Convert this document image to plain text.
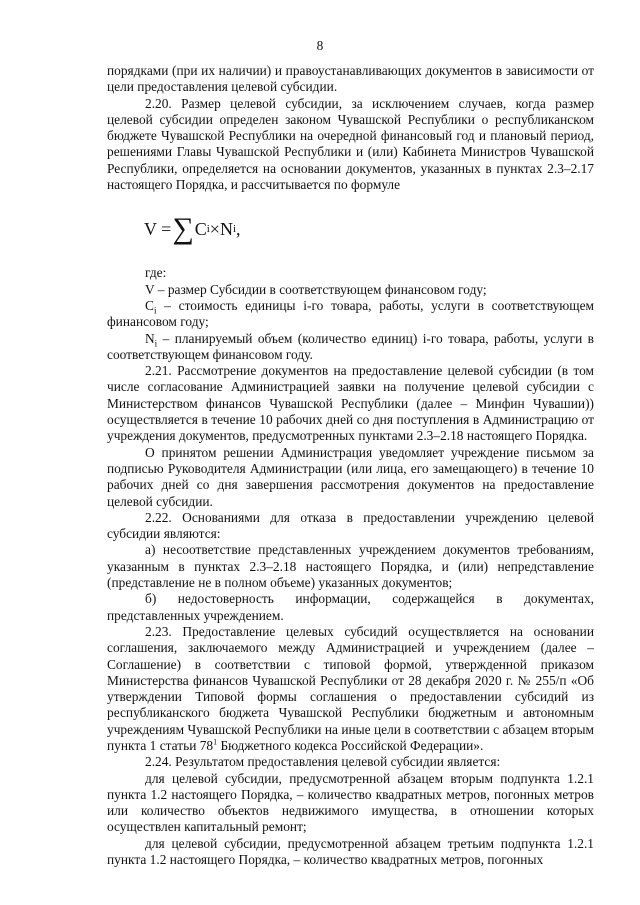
8

порядками (при их наличии) и правоустанавливающих документов в зависимости от цели предоставления целевой субсидии.

2.20. Размер целевой субсидии, за исключением случаев, когда размер целевой субсидии определен законом Чувашской Республики о республиканском бюджете Чувашской Республики на очередной финансовый год и плановый период, решениями Главы Чувашской Республики и (или) Кабинета Министров Чувашской Республики, определяется на основании документов, указанных в пунктах 2.3–2.17 настоящего Порядка, и рассчитывается по формуле

V = ∑ C i × N i ,

где:

V – размер Субсидии в соответствующем финансовом году;

$C_i$ – стоимость единицы i-го товара, работы, услуги в соответствующем финансовом году;

$N_i$ – планируемый объем (количество единиц) i-го товара, работы, услуги в соответствующем финансовом году.

2.21. Рассмотрение документов на предоставление целевой субсидии (в том числе согласование Администрацией заявки на получение целевой субсидии с Министерством финансов Чувашской Республики (далее – Минфин Чувашии)) осуществляется в течение 10 рабочих дней со дня поступления в Администрацию от учреждения документов, предусмотренных пунктами 2.3–2.18 настоящего Порядка.

О принятом решении Администрация уведомляет учреждение письмом за подписью Руководителя Администрации (или лица, его замещающего) в течение 10 рабочих дней со дня завершения рассмотрения документов на предоставление целевой субсидии.

2.22. Основаниями для отказа в предоставлении учреждению целевой субсидии являются:

а) несоответствие представленных учреждением документов требованиям, указанным в пунктах 2.3–2.18 настоящего Порядка, и (или) непредставление (представление не в полном объеме) указанных документов;

б) недостоверность информации, содержащейся в документах, представленных учреждением.

2.23. Предоставление целевых субсидий осуществляется на основании соглашения, заключаемого между Администрацией и учреждением (далее – Соглашение) в соответствии с типовой формой, утвержденной приказом Министерства финансов Чувашской Республики от 28 декабря 2020 г. № 255/п «Об утверждении Типовой формы соглашения о предоставлении субсидий из республиканского бюджета Чувашской Республики бюджетным и автономным учреждениям Чувашской Республики на иные цели в соответствии с абзацем вторым пункта 1 статьи $78^1$ Бюджетного кодекса Российской Федерации».

2.24. Результатом предоставления целевой субсидии является:

для целевой субсидии, предусмотренной абзацем вторым подпункта 1.2.1 пункта 1.2 настоящего Порядка, – количество квадратных метров, погонных метров или количество объектов недвижимого имущества, в отношении которых осуществлен капитальный ремонт;

для целевой субсидии, предусмотренной абзацем третьим подпункта 1.2.1 пункта 1.2 настоящего Порядка, – количество квадратных метров, погонных
